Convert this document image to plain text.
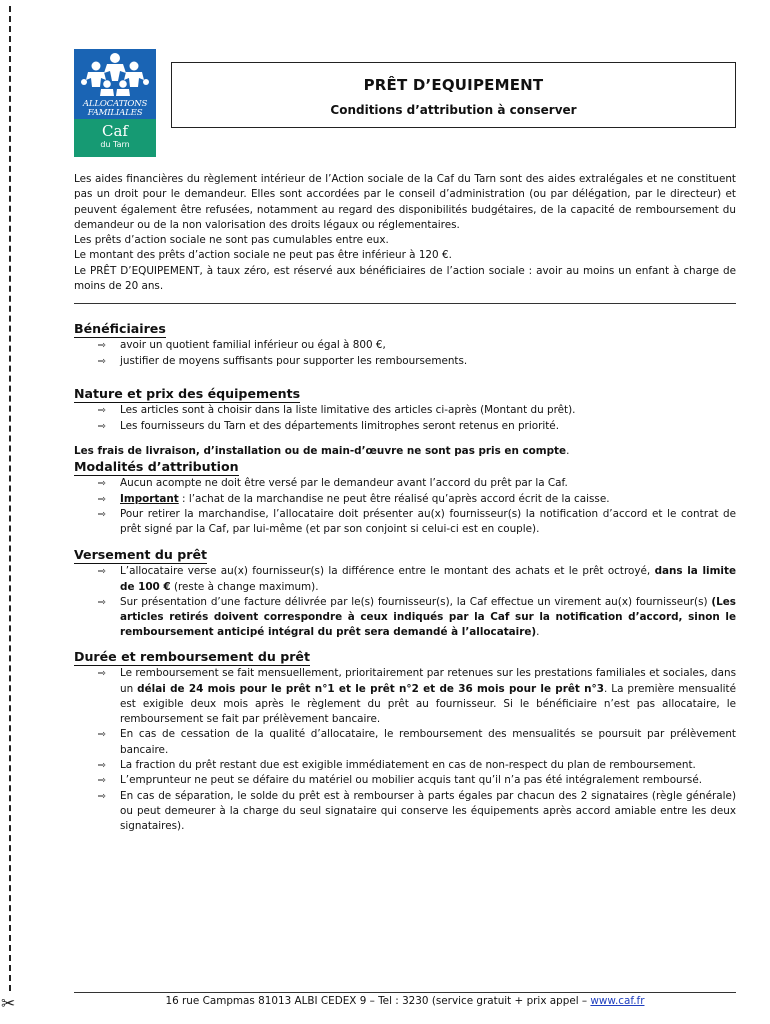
✂
ALLOCATIONS
FAMILIALES
Caf
du Tarn
PRÊT D’EQUIPEMENT
Conditions d’attribution à conserver

Les aides financières du règlement intérieur de l’Action sociale de la Caf du Tarn sont des aides extralégales et ne constituent pas un droit pour le demandeur. Elles sont accordées par le conseil d’administration (ou par délégation, par le directeur) et peuvent également être refusées, notamment au regard des disponibilités budgétaires, de la capacité de remboursement du demandeur ou de la non valorisation des droits légaux ou réglementaires.

Les prêts d’action sociale ne sont pas cumulables entre eux.

Le montant des prêts d’action sociale ne peut pas être inférieur à 120 €.

Le PRÊT D’EQUIPEMENT, à taux zéro, est réservé aux bénéficiaires de l’action sociale : avoir au moins un enfant à charge de moins de 20 ans.

Bénéficiaires
⇨ avoir un quotient familial inférieur ou égal à 800 €,
⇨ justifier de moyens suffisants pour supporter les remboursements.
Nature et prix des équipements
⇨ Les articles sont à choisir dans la liste limitative des articles ci-après (Montant du prêt).
⇨ Les fournisseurs du Tarn et des départements limitrophes seront retenus en priorité.

Les frais de livraison, d’installation ou de main-d’œuvre ne sont pas pris en compte.

Modalités d’attribution
⇨ Aucun acompte ne doit être versé par le demandeur avant l’accord du prêt par la Caf.
⇨ Important : l’achat de la marchandise ne peut être réalisé qu’après accord écrit de la caisse.
⇨ Pour retirer la marchandise, l’allocataire doit présenter au(x) fournisseur(s) la notification d’accord et le contrat de prêt signé par la Caf, par lui-même (et par son conjoint si celui-ci est en couple).
Versement du prêt
⇨ L’allocataire verse au(x) fournisseur(s) la différence entre le montant des achats et le prêt octroyé, dans la limite de 100 € (reste à change maximum).
⇨ Sur présentation d’une facture délivrée par le(s) fournisseur(s), la Caf effectue un virement au(x) fournisseur(s) (Les articles retirés doivent correspondre à ceux indiqués par la Caf sur la notification d’accord, sinon le remboursement anticipé intégral du prêt sera demandé à l’allocataire).
Durée et remboursement du prêt
⇨ Le remboursement se fait mensuellement, prioritairement par retenues sur les prestations familiales et sociales, dans un délai de 24 mois pour le prêt n°1 et le prêt n°2 et de 36 mois pour le prêt n°3. La première mensualité est exigible deux mois après le règlement du prêt au fournisseur. Si le bénéficiaire n’est pas allocataire, le remboursement se fait par prélèvement bancaire.
⇨ En cas de cessation de la qualité d’allocataire, le remboursement des mensualités se poursuit par prélèvement bancaire.
⇨ La fraction du prêt restant due est exigible immédiatement en cas de non-respect du plan de remboursement.
⇨ L’emprunteur ne peut se défaire du matériel ou mobilier acquis tant qu’il n’a pas été intégralement remboursé.
⇨ En cas de séparation, le solde du prêt est à rembourser à parts égales par chacun des 2 signataires (règle générale) ou peut demeurer à la charge du seul signataire qui conserve les équipements après accord amiable entre les deux signataires).
16 rue Campmas 81013 ALBI CEDEX 9 – Tel : 3230 (service gratuit + prix appel – www.caf.fr
